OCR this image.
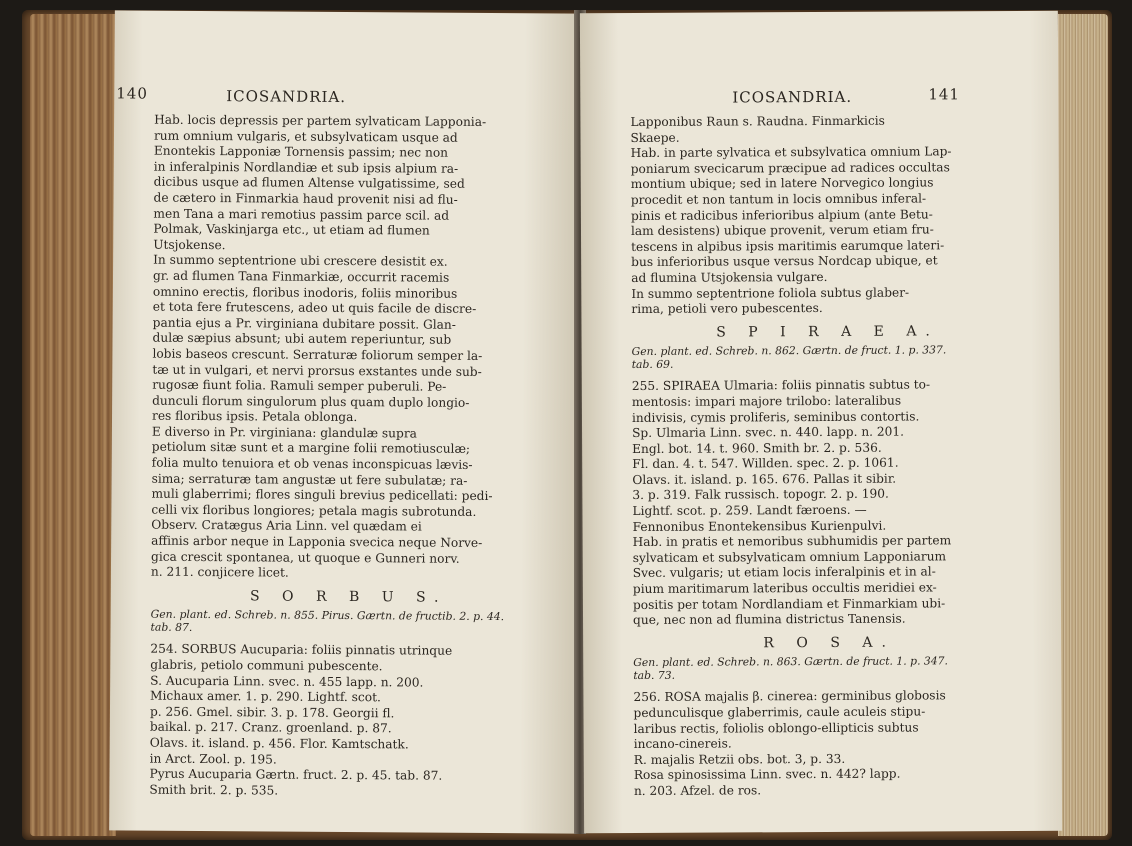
140	ICOSANDRIA.
Hab. locis depressis per partem sylvaticam Lapponia-
rum omnium vulgaris, et subsylvaticam usque ad
Enontekis Lapponiæ Tornensis passim; nec non
in inferalpinis Nordlandiæ et sub ipsis alpium ra-
dicibus usque ad flumen Altense vulgatissime, sed
de cætero in Finmarkia haud provenit nisi ad flu-
men Tana a mari remotius passim parce scil. ad
Polmak, Vaskinjarga etc., ut etiam ad flumen
Utsjokense.
In summo septentrione ubi crescere desistit ex.
gr. ad flumen Tana Finmarkiæ, occurrit racemis
omnino erectis, floribus inodoris, foliis minoribus
et tota fere frutescens, adeo ut quis facile de discre-
pantia ejus a Pr. virginiana dubitare possit. Glan-
dulæ sæpius absunt; ubi autem reperiuntur, sub
lobis baseos crescunt. Serraturæ foliorum semper la-
tæ ut in vulgari, et nervi prorsus exstantes unde sub-
rugosæ fiunt folia. Ramuli semper puberuli. Pe-
dunculi florum singulorum plus quam duplo longio-
res floribus ipsis. Petala oblonga.
E diverso in Pr. virginiana: glandulæ supra
petiolum sitæ sunt et a margine folii remotiusculæ;
folia multo tenuiora et ob venas inconspicuas lævis-
sima; serraturæ tam angustæ ut fere subulatæ; ra-
muli glaberrimi; flores singuli brevius pedicellati: pedi-
celli vix floribus longiores; petala magis subrotunda.
Observ. Cratægus Aria Linn. vel quædam ei
affinis arbor neque in Lapponia svecica neque Norve-
gica crescit spontanea, ut quoque e Gunneri norv.
n. 211. conjicere licet.
S O R B U S.
Gen. plant. ed. Schreb. n. 855. Pirus. Gærtn. de fructib. 2. p. 44.
tab. 87.
254. SORBUS Aucuparia: foliis pinnatis utrinque
glabris, petiolo communi pubescente.
S. Aucuparia Linn. svec. n. 455 lapp. n. 200.
Michaux amer. 1. p. 290. Lightf. scot.
p. 256. Gmel. sibir. 3. p. 178. Georgii fl.
baikal. p. 217. Cranz. groenland. p. 87.
Olavs. it. island. p. 456. Flor. Kamtschatk.
in Arct. Zool. p. 195.
Pyrus Aucuparia Gærtn. fruct. 2. p. 45. tab. 87.
Smith brit. 2. p. 535.
ICOSANDRIA.	141
Lapponibus Raun s. Raudna. Finmarkicis
Skaepe.
Hab. in parte sylvatica et subsylvatica omnium Lap-
poniarum svecicarum præcipue ad radices occultas
montium ubique; sed in latere Norvegico longius
procedit et non tantum in locis omnibus inferal-
pinis et radicibus inferioribus alpium (ante Betu-
lam desistens) ubique provenit, verum etiam fru-
tescens in alpibus ipsis maritimis earumque lateri-
bus inferioribus usque versus Nordcap ubique, et
ad flumina Utsjokensia vulgare.
In summo septentrione foliola subtus glaber-
rima, petioli vero pubescentes.
S P I R A E A.
Gen. plant. ed. Schreb. n. 862. Gærtn. de fruct. 1. p. 337.
tab. 69.
255. SPIRAEA Ulmaria: foliis pinnatis subtus to-
mentosis: impari majore trilobo: lateralibus
indivisis, cymis proliferis, seminibus contortis.
Sp. Ulmaria Linn. svec. n. 440. lapp. n. 201.
Engl. bot. 14. t. 960. Smith br. 2. p. 536.
Fl. dan. 4. t. 547. Willden. spec. 2. p. 1061.
Olavs. it. island. p. 165. 676. Pallas it sibir.
3. p. 319. Falk russisch. topogr. 2. p. 190.
Lightf. scot. p. 259. Landt færoens. —
Fennonibus Enontekensibus Kurienpulvi.
Hab. in pratis et nemoribus subhumidis per partem
sylvaticam et subsylvaticam omnium Lapponiarum
Svec. vulgaris; ut etiam locis inferalpinis et in al-
pium maritimarum lateribus occultis meridiei ex-
positis per totam Nordlandiam et Finmarkiam ubi-
que, nec non ad flumina districtus Tanensis.
R O S A.
Gen. plant. ed. Schreb. n. 863. Gærtn. de fruct. 1. p. 347.
tab. 73.
256. ROSA majalis β. cinerea: germinibus globosis
pedunculisque glaberrimis, caule aculeis stipu-
laribus rectis, foliolis oblongo-ellipticis subtus
incano-cinereis.
R. majalis Retzii obs. bot. 3, p. 33.
Rosa spinosissima Linn. svec. n. 442? lapp.
n. 203. Afzel. de ros.
